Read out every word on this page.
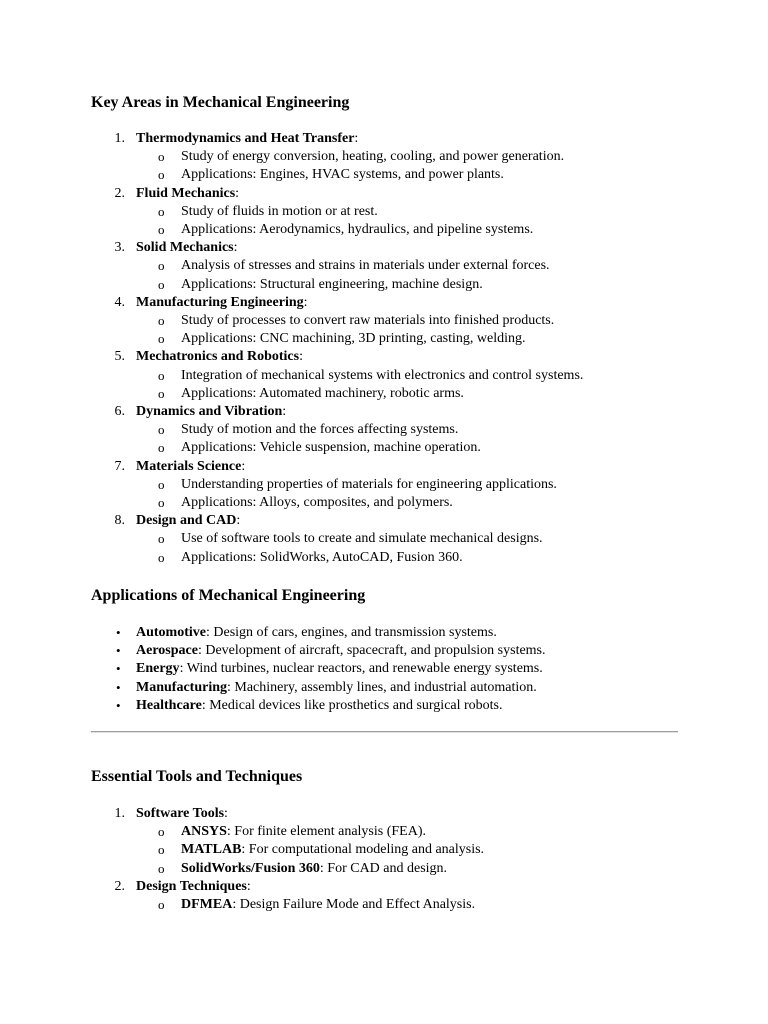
Key Areas in Mechanical Engineering
1. Thermodynamics and Heat Transfer:
o Study of energy conversion, heating, cooling, and power generation.
o Applications: Engines, HVAC systems, and power plants.
2. Fluid Mechanics:
o Study of fluids in motion or at rest.
o Applications: Aerodynamics, hydraulics, and pipeline systems.
3. Solid Mechanics:
o Analysis of stresses and strains in materials under external forces.
o Applications: Structural engineering, machine design.
4. Manufacturing Engineering:
o Study of processes to convert raw materials into finished products.
o Applications: CNC machining, 3D printing, casting, welding.
5. Mechatronics and Robotics:
o Integration of mechanical systems with electronics and control systems.
o Applications: Automated machinery, robotic arms.
6. Dynamics and Vibration:
o Study of motion and the forces affecting systems.
o Applications: Vehicle suspension, machine operation.
7. Materials Science:
o Understanding properties of materials for engineering applications.
o Applications: Alloys, composites, and polymers.
8. Design and CAD:
o Use of software tools to create and simulate mechanical designs.
o Applications: SolidWorks, AutoCAD, Fusion 360.
Applications of Mechanical Engineering
• Automotive: Design of cars, engines, and transmission systems.
• Aerospace: Development of aircraft, spacecraft, and propulsion systems.
• Energy: Wind turbines, nuclear reactors, and renewable energy systems.
• Manufacturing: Machinery, assembly lines, and industrial automation.
• Healthcare: Medical devices like prosthetics and surgical robots.
Essential Tools and Techniques
1. Software Tools:
o ANSYS: For finite element analysis (FEA).
o MATLAB: For computational modeling and analysis.
o SolidWorks/Fusion 360: For CAD and design.
2. Design Techniques:
o DFMEA: Design Failure Mode and Effect Analysis.
